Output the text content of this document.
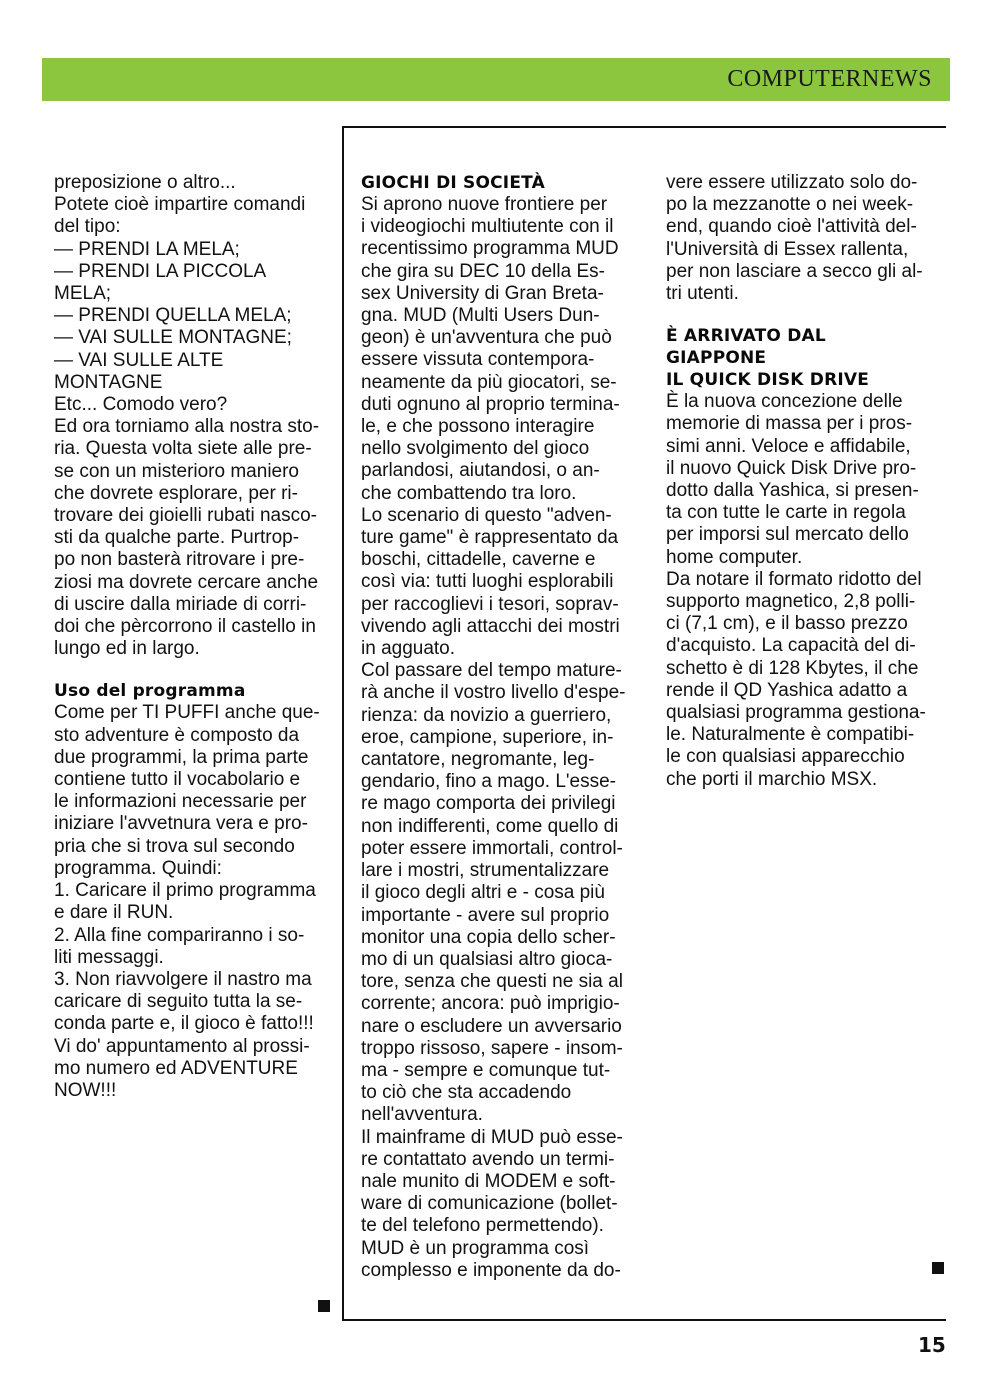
COMPUTERNEWS
preposizione o altro...
Potete cioè impartire comandi
del tipo:
— PRENDI LA MELA;
— PRENDI LA PICCOLA
MELA;
— PRENDI QUELLA MELA;
— VAI SULLE MONTAGNE;
— VAI SULLE ALTE
MONTAGNE
Etc... Comodo vero?
Ed ora torniamo alla nostra sto-
ria. Questa volta siete alle pre-
se con un misterioro maniero
che dovrete esplorare, per ri-
trovare dei gioielli rubati nasco-
sti da qualche parte. Purtrop-
po non basterà ritrovare i pre-
ziosi ma dovrete cercare anche
di uscire dalla miriade di corri-
doi che pèrcorrono il castello in
lungo ed in largo.
Uso del programma
Come per TI PUFFI anche que-
sto adventure è composto da
due programmi, la prima parte
contiene tutto il vocabolario e
le informazioni necessarie per
iniziare l'avvetnura vera e pro-
pria che si trova sul secondo
programma. Quindi:
1. Caricare il primo programma
e dare il RUN.
2. Alla fine compariranno i so-
liti messaggi.
3. Non riavvolgere il nastro ma
caricare di seguito tutta la se-
conda parte e, il gioco è fatto!!!
Vi do' appuntamento al prossi-
mo numero ed ADVENTURE
NOW!!!
GIOCHI DI SOCIETÀ
Si aprono nuove frontiere per
i videogiochi multiutente con il
recentissimo programma MUD
che gira su DEC 10 della Es-
sex University di Gran Breta-
gna. MUD (Multi Users Dun-
geon) è un'avventura che può
essere vissuta contempora-
neamente da più giocatori, se-
duti ognuno al proprio termina-
le, e che possono interagire
nello svolgimento del gioco
parlandosi, aiutandosi, o an-
che combattendo tra loro.
Lo scenario di questo "adven-
ture game" è rappresentato da
boschi, cittadelle, caverne e
così via: tutti luoghi esplorabili
per raccoglievi i tesori, soprav-
vivendo agli attacchi dei mostri
in agguato.
Col passare del tempo mature-
rà anche il vostro livello d'espe-
rienza: da novizio a guerriero,
eroe, campione, superiore, in-
cantatore, negromante, leg-
gendario, fino a mago. L'esse-
re mago comporta dei privilegi
non indifferenti, come quello di
poter essere immortali, control-
lare i mostri, strumentalizzare
il gioco degli altri e - cosa più
importante - avere sul proprio
monitor una copia dello scher-
mo di un qualsiasi altro gioca-
tore, senza che questi ne sia al
corrente; ancora: può imprigio-
nare o escludere un avversario
troppo rissoso, sapere - insom-
ma - sempre e comunque tut-
to ciò che sta accadendo
nell'avventura.
Il mainframe di MUD può esse-
re contattato avendo un termi-
nale munito di MODEM e soft-
ware di comunicazione (bollet-
te del telefono permettendo).
MUD è un programma così
complesso e imponente da do-
vere essere utilizzato solo do-
po la mezzanotte o nei week-
end, quando cioè l'attività del-
l'Università di Essex rallenta,
per non lasciare a secco gli al-
tri utenti.
È ARRIVATO DAL
GIAPPONE
IL QUICK DISK DRIVE
È la nuova concezione delle
memorie di massa per i pros-
simi anni. Veloce e affidabile,
il nuovo Quick Disk Drive pro-
dotto dalla Yashica, si presen-
ta con tutte le carte in regola
per imporsi sul mercato dello
home computer.
Da notare il formato ridotto del
supporto magnetico, 2,8 polli-
ci (7,1 cm), e il basso prezzo
d'acquisto. La capacità del di-
schetto è di 128 Kbytes, il che
rende il QD Yashica adatto a
qualsiasi programma gestiona-
le. Naturalmente è compatibi-
le con qualsiasi apparecchio
che porti il marchio MSX.
15
